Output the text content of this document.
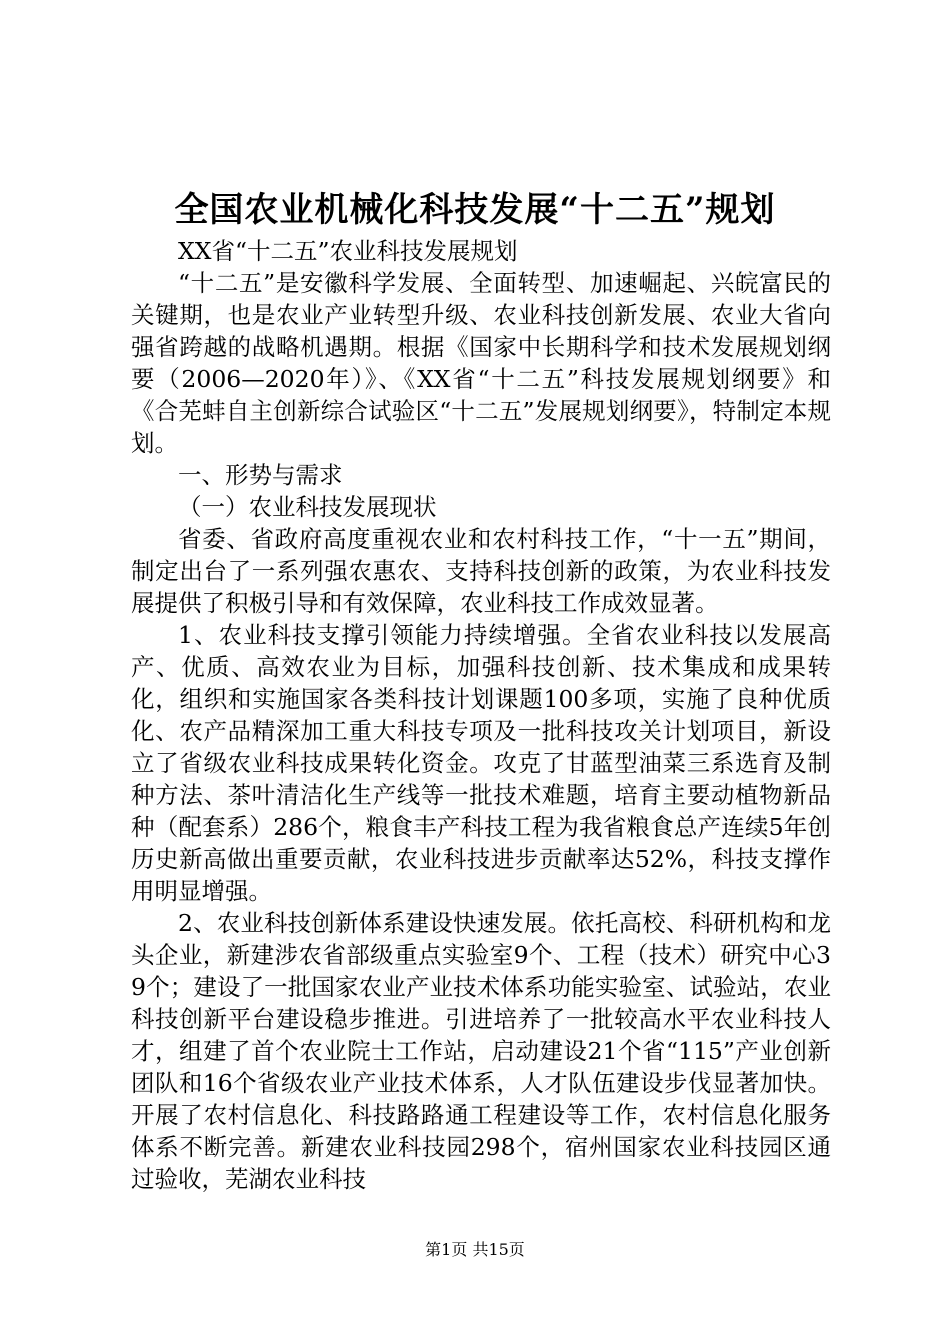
全国农业机械化科技发展“十二五”规划

XX省“十二五”农业科技发展规划

“十二五”是安徽科学发展、全面转型、加速崛起、兴皖富民的关键期，也是农业产业转型升级、农业科技创新发展、农业大省向强省跨越的战略机遇期。根据《国家中长期科学和技术发展规划纲要（2006—2020年）》、《XX省“十二五”科技发展规划纲要》和《合芜蚌自主创新综合试验区“十二五”发展规划纲要》，特制定本规划。

一、形势与需求

（一）农业科技发展现状

省委、省政府高度重视农业和农村科技工作，“十一五”期间，制定出台了一系列强农惠农、支持科技创新的政策，为农业科技发展提供了积极引导和有效保障，农业科技工作成效显著。

1、农业科技支撑引领能力持续增强。全省农业科技以发展高产、优质、高效农业为目标，加强科技创新、技术集成和成果转化，组织和实施国家各类科技计划课题100多项，实施了良种优质化、农产品精深加工重大科技专项及一批科技攻关计划项目，新设立了省级农业科技成果转化资金。攻克了甘蓝型油菜三系选育及制种方法、茶叶清洁化生产线等一批技术难题，培育主要动植物新品种（配套系）286个，粮食丰产科技工程为我省粮食总产连续5年创历史新高做出重要贡献，农业科技进步贡献率达52%，科技支撑作用明显增强。

2、农业科技创新体系建设快速发展。依托高校、科研机构和龙头企业，新建涉农省部级重点实验室9个、工程（技术）研究中心39个；建设了一批国家农业产业技术体系功能实验室、试验站，农业科技创新平台建设稳步推进。引进培养了一批较高水平农业科技人才，组建了首个农业院士工作站，启动建设21个省“115”产业创新团队和16个省级农业产业技术体系，人才队伍建设步伐显著加快。开展了农村信息化、科技路路通工程建设等工作，农村信息化服务体系不断完善。新建农业科技园298个，宿州国家农业科技园区通过验收，芜湖农业科技

第1页 共15页
